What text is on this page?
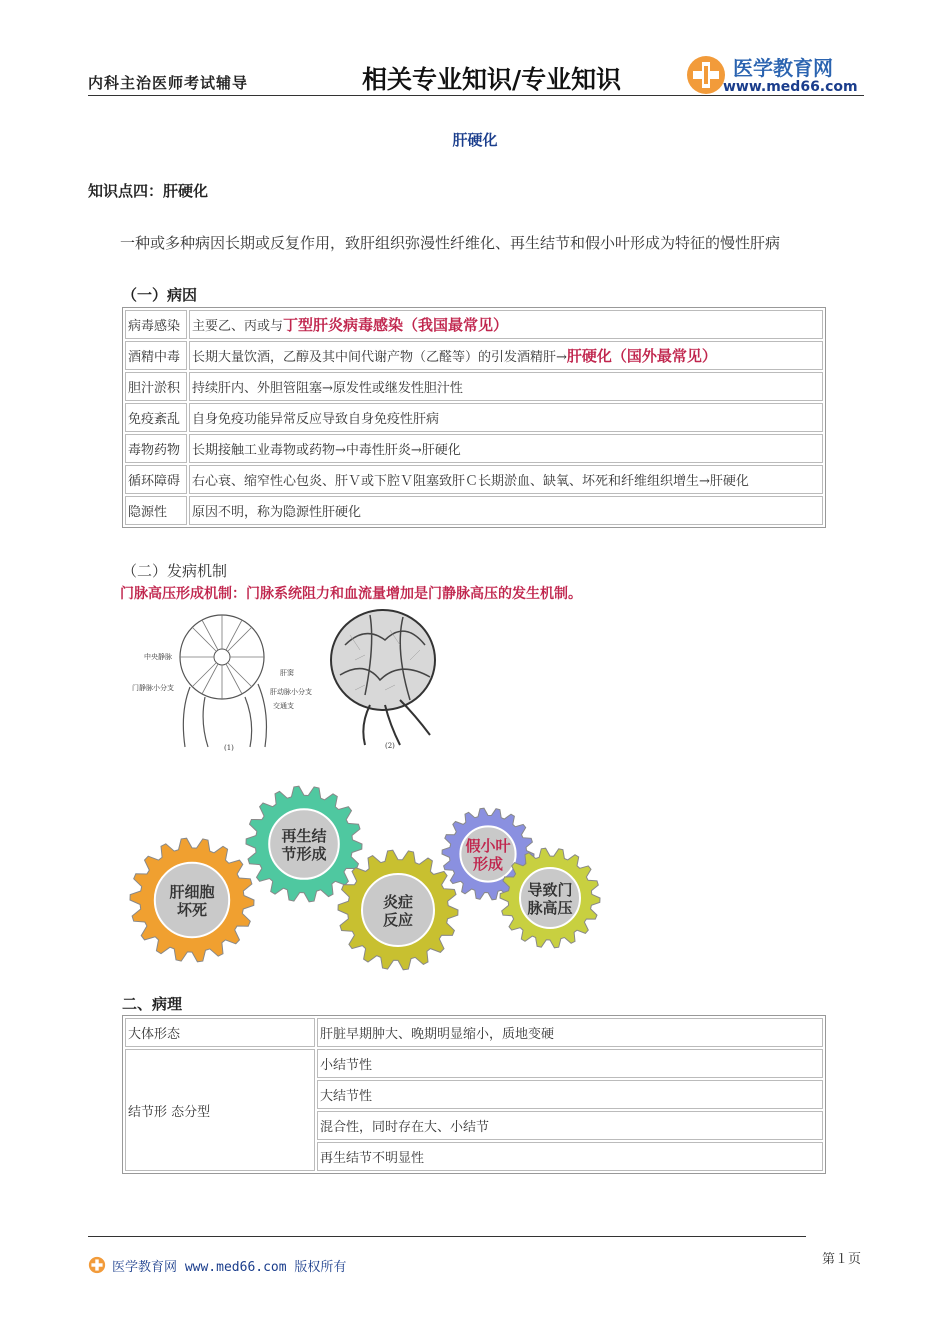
内科主治医师考试辅导	相关专业知识/专业知识	医学教育网
www.med66.com
肝硬化
知识点四：肝硬化
一种或多种病因长期或反复作用，致肝组织弥漫性纤维化、再生结节和假小叶形成为特征的慢性肝病
（一）病因
病毒感染	主要乙、丙或与丁型肝炎病毒感染（我国最常见）
酒精中毒	长期大量饮酒，乙醇及其中间代谢产物（乙醛等）的引发酒精肝→肝硬化（国外最常见）
胆汁淤积	持续肝内、外胆管阻塞→原发性或继发性胆汁性
免疫紊乱	自身免疫功能异常反应导致自身免疫性肝病
毒物药物	长期接触工业毒物或药物→中毒性肝炎→肝硬化
循环障碍	右心衰、缩窄性心包炎、肝Ｖ或下腔Ｖ阻塞致肝Ｃ长期淤血、缺氧、坏死和纤维组织增生→肝硬化
隐源性	原因不明，称为隐源性肝硬化
（二）发病机制
门脉高压形成机制：门脉系统阻力和血流量增加是门静脉高压的发生机制。
中央静脉
门静脉小分支
肝窦
肝动脉小分支
交通支
(1)	(2)
肝细胞
坏死
再生结
节形成
炎症
反应
假小叶
形成
导致门
脉高压
二、病理
大体形态	肝脏早期肿大、晚期明显缩小，质地变硬
结节形 态分型	小结节性
	大结节性
	混合性，同时存在大、小结节
	再生结节不明显性
医学教育网 www.med66.com 版权所有
第１页
